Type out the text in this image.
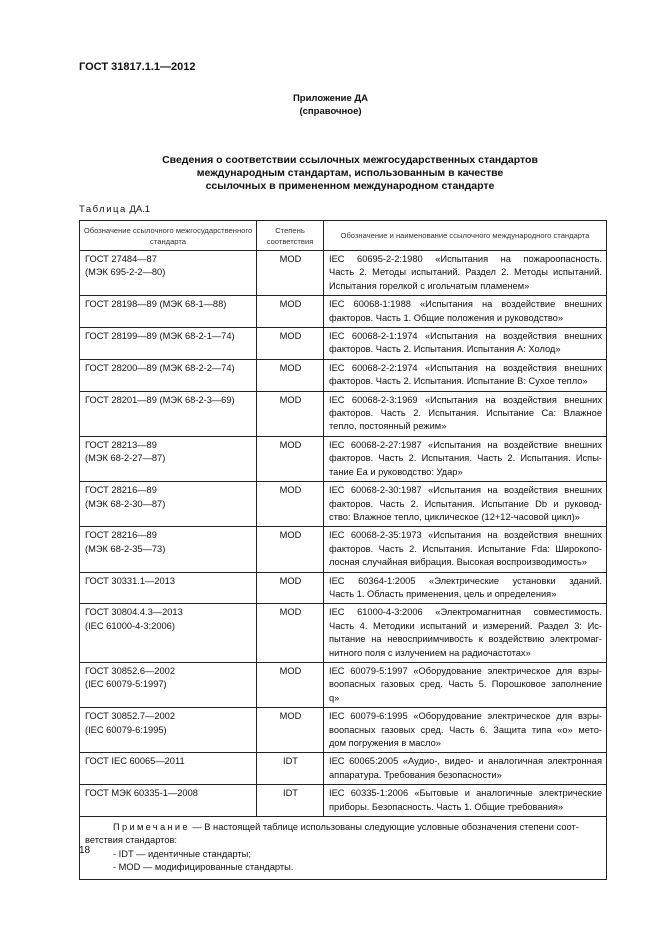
ГОСТ 31817.1.1—2012
Приложение ДА
(справочное)
Сведения о соответствии ссылочных межгосударственных стандартов
международным стандартам, использованным в качестве
ссылочных в примененном международном стандарте
Таблица ДА.1
Обозначение ссылочного межгосударственного стандарта	Степень соответствия	Обозначение и наименование ссылочного международного стандарта

ГОСТ 27484—87
(МЭК 695-2-2—80)	MOD	IEC 60695-2-2:1980 «Испытания на пожароопасность.
Часть 2. Методы испытаний. Раздел 2. Методы испытаний.
Испытания горелкой с игольчатым пламенем»

ГОСТ 28198—89 (МЭК 68-1—88)	MOD	IEC 60068-1:1988 «Испытания на воздействие внешних
факторов. Часть 1. Общие положения и руководство»

ГОСТ 28199—89 (МЭК 68-2-1—74)	MOD	IEC 60068-2-1:1974 «Испытания на воздействия внешних
факторов. Часть 2. Испытания. Испытания А: Холод»

ГОСТ 28200—89 (МЭК 68-2-2—74)	MOD	IEC 60068-2-2:1974 «Испытания на воздействия внешних
факторов. Часть 2. Испытания. Испытание В: Сухое тепло»

ГОСТ 28201—89 (МЭК 68-2-3—69)	MOD	IEC 60068-2-3:1969 «Испытания на воздействия внешних
факторов. Часть 2. Испытания. Испытание Са: Влажное
тепло, постоянный режим»

ГОСТ 28213—89
(МЭК 68-2-27—87)	MOD	IEC 60068-2-27:1987 «Испытания на воздействие внешних
факторов. Часть 2. Испытания. Часть 2. Испытания. Испы-
тание Еа и руководство: Удар»

ГОСТ 28216—89
(МЭК 68-2-30—87)	MOD	IEC 60068-2-30:1987 «Испытания на воздействия внешних
факторов. Часть 2. Испытания. Испытание Db и руковод-
ство: Влажное тепло, циклическое (12+12-часовой цикл)»

ГОСТ 28216—89
(МЭК 68-2-35—73)	MOD	IEC 60068-2-35:1973 «Испытания на воздействия внешних
факторов. Часть 2. Испытания. Испытание Fda: Широкопо-
лосная случайная вибрация. Высокая воспроизводимость»

ГОСТ 30331.1—2013	MOD	IEC 60364-1:2005 «Электрические установки зданий.
Часть 1. Область применения, цель и определения»

ГОСТ 30804.4.3—2013
(IEC 61000-4-3:2006)	MOD	IEC 61000-4-3:2006 «Электромагнитная совместимость.
Часть 4. Методики испытаний и измерений. Раздел 3: Ис-
пытание на невосприимчивость к воздействию электромаг-
нитного поля с излучением на радиочастотах»

ГОСТ 30852.6—2002
(IEC 60079-5:1997)	MOD	IEC 60079-5:1997 «Оборудование электрическое для взры-
воопасных газовых сред. Часть 5. Порошковое заполнение
q»

ГОСТ 30852.7—2002
(IEC 60079-6:1995)	MOD	IEC 60079-6:1995 «Оборудование электрическое для взры-
воопасных газовых сред. Часть 6. Защита типа «о» мето-
дом погружения в масло»

ГОСТ IEC 60065—2011	IDT	IEC 60065:2005 «Аудио-, видео- и аналогичная электронная
аппаратура. Требования безопасности»

ГОСТ МЭК 60335-1—2008	IDT	IEC 60335-1:2006 «Бытовые и аналогичные электрические
приборы. Безопасность. Часть 1. Общие требования»

Примечание — В настоящей таблице использованы следующие условные обозначения степени соот-
ветствия стандартов:
- IDT — идентичные стандарты;
- MOD — модифицированные стандарты.		
18
